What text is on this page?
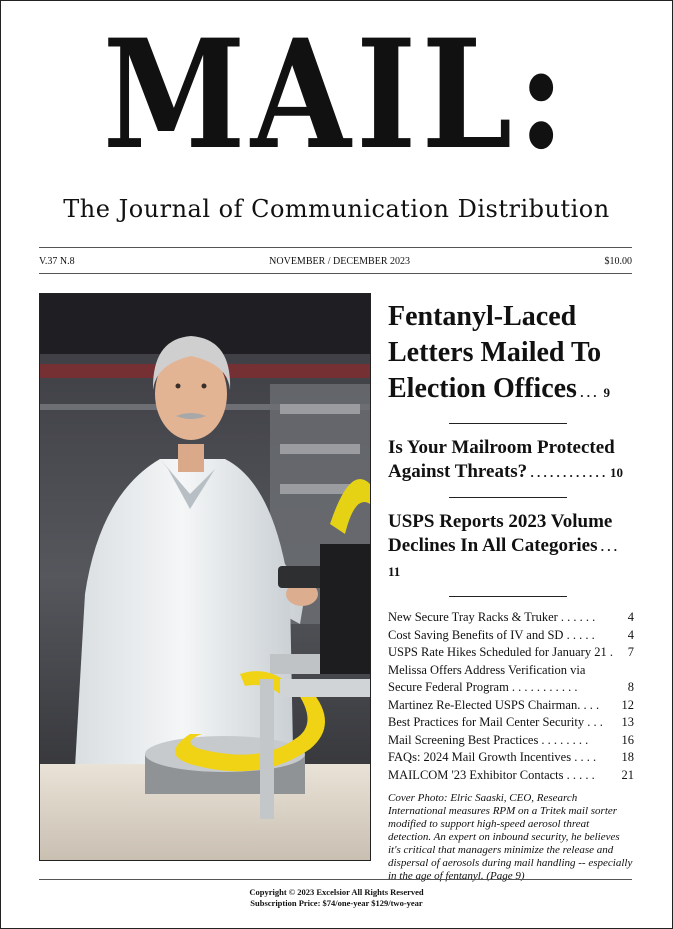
MAIL:
The Journal of Communication Distribution
V.37 N.8	NOVEMBER / DECEMBER 2023	$10.00
Fentanyl-Laced
Letters Mailed To
Election Offices . . . 9
Is Your Mailroom Protected
Against Threats? . . . . . . . . . . . . 10
USPS Reports 2023 Volume
Declines In All Categories . . . 11
New Secure Tray Racks & Truker . . . . . .	4
Cost Saving Benefits of IV and SD . . . . .	4
USPS Rate Hikes Scheduled for January 21 .	7
Melissa Offers Address Verification via
Secure Federal Program . . . . . . . . . . .	8
Martinez Re-Elected USPS Chairman. . . .	12
Best Practices for Mail Center Security . . .	13
Mail Screening Best Practices . . . . . . . .	16
FAQs: 2024 Mail Growth Incentives . . . .	18
MAILCOM '23 Exhibitor Contacts . . . . .	21
Cover Photo: Elric Saaski, CEO, Research International measures RPM on a Tritek mail sorter modified to support high-speed aerosol threat detection. An expert on inbound security, he believes it's critical that managers minimize the release and dispersal of aerosols during mail handling -- especially in the age of fentanyl. (Page 9)
Copyright © 2023 Excelsior All Rights Reserved
Subscription Price: $74/one-year $129/two-year
